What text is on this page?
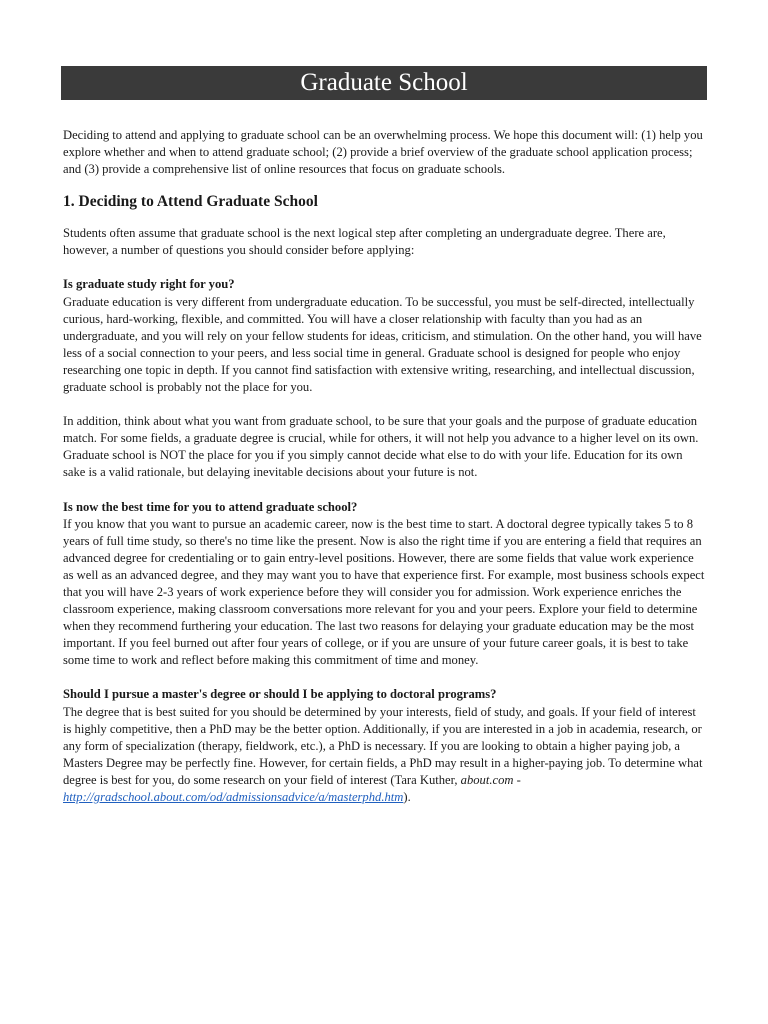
Graduate School

Deciding to attend and applying to graduate school can be an overwhelming process. We hope this document will: (1) help you explore whether and when to attend graduate school; (2) provide a brief overview of the graduate school application process; and (3) provide a comprehensive list of online resources that focus on graduate schools.

1. Deciding to Attend Graduate School

Students often assume that graduate school is the next logical step after completing an undergraduate degree. There are, however, a number of questions you should consider before applying:

Is graduate study right for you?

Graduate education is very different from undergraduate education. To be successful, you must be self-directed, intellectually curious, hard-working, flexible, and committed. You will have a closer relationship with faculty than you had as an undergraduate, and you will rely on your fellow students for ideas, criticism, and stimulation. On the other hand, you will have less of a social connection to your peers, and less social time in general. Graduate school is designed for people who enjoy researching one topic in depth. If you cannot find satisfaction with extensive writing, researching, and intellectual discussion, graduate school is probably not the place for you.

In addition, think about what you want from graduate school, to be sure that your goals and the purpose of graduate education match. For some fields, a graduate degree is crucial, while for others, it will not help you advance to a higher level on its own. Graduate school is NOT the place for you if you simply cannot decide what else to do with your life. Education for its own sake is a valid rationale, but delaying inevitable decisions about your future is not.

Is now the best time for you to attend graduate school?

If you know that you want to pursue an academic career, now is the best time to start. A doctoral degree typically takes 5 to 8 years of full time study, so there's no time like the present. Now is also the right time if you are entering a field that requires an advanced degree for credentialing or to gain entry-level positions. However, there are some fields that value work experience as well as an advanced degree, and they may want you to have that experience first. For example, most business schools expect that you will have 2-3 years of work experience before they will consider you for admission. Work experience enriches the classroom experience, making classroom conversations more relevant for you and your peers. Explore your field to determine when they recommend furthering your education. The last two reasons for delaying your graduate education may be the most important. If you feel burned out after four years of college, or if you are unsure of your future career goals, it is best to take some time to work and reflect before making this commitment of time and money.

Should I pursue a master's degree or should I be applying to doctoral programs?

The degree that is best suited for you should be determined by your interests, field of study, and goals. If your field of interest is highly competitive, then a PhD may be the better option. Additionally, if you are interested in a job in academia, research, or any form of specialization (therapy, fieldwork, etc.), a PhD is necessary. If you are looking to obtain a higher paying job, a Masters Degree may be perfectly fine. However, for certain fields, a PhD may result in a higher-paying job. To determine what degree is best for you, do some research on your field of interest (Tara Kuther, about.com - http://gradschool.about.com/od/admissionsadvice/a/masterphd.htm).
